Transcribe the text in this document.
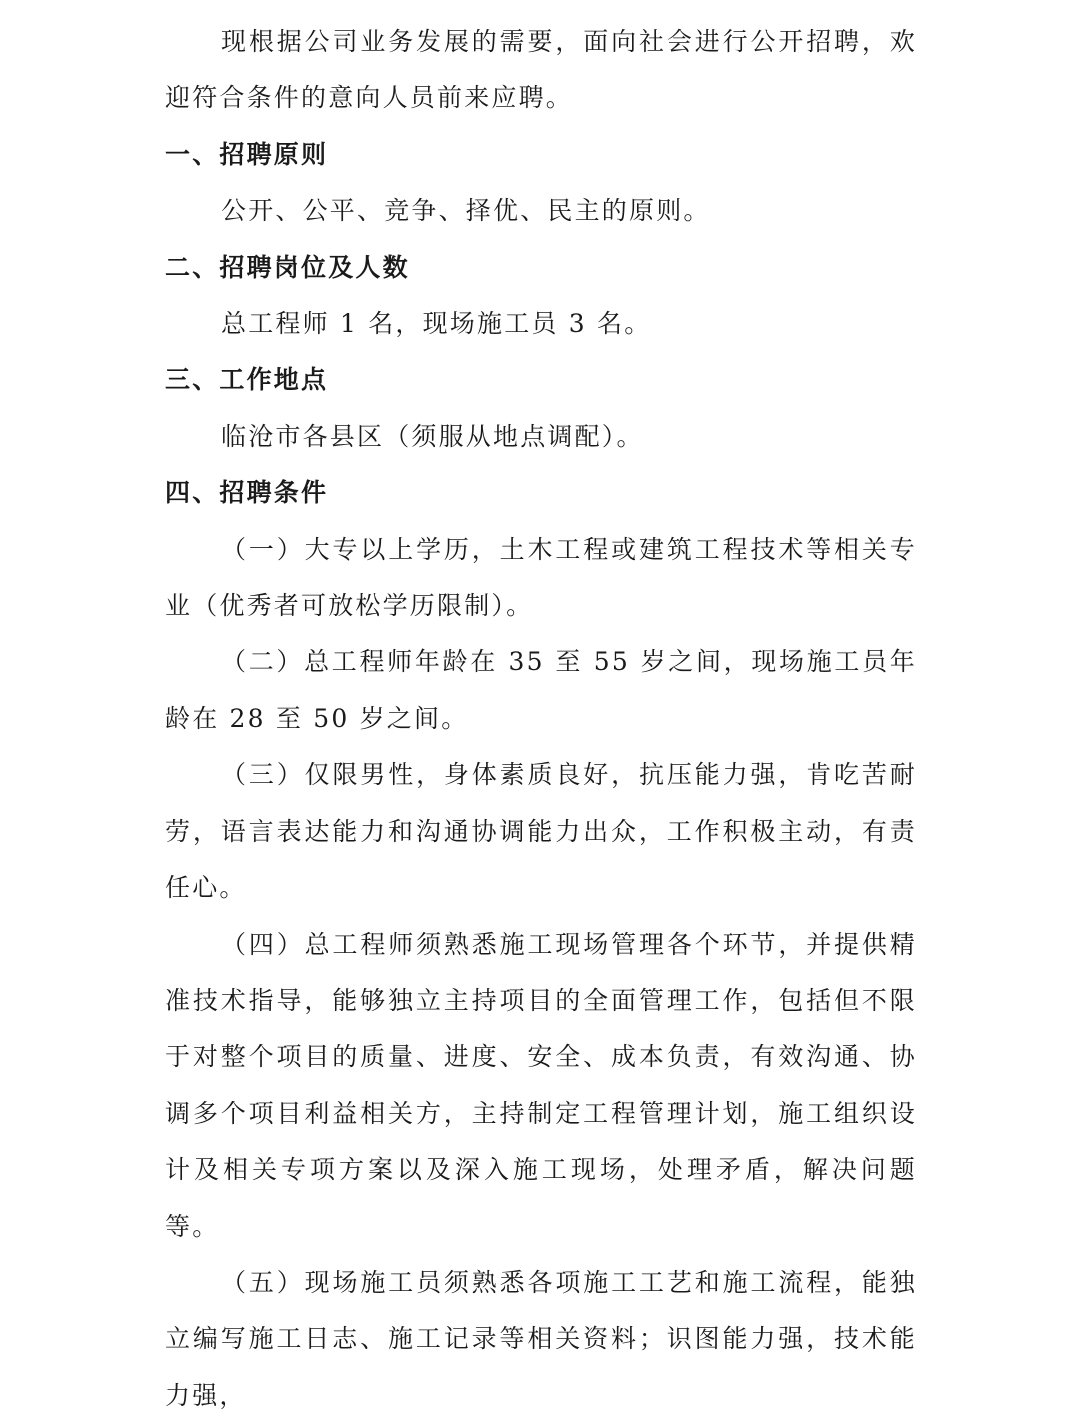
现根据公司业务发展的需要，面向社会进行公开招聘，欢迎符合条件的意向人员前来应聘。

一、招聘原则

公开、公平、竞争、择优、民主的原则。

二、招聘岗位及人数

总工程师 1 名，现场施工员 3 名。

三、工作地点

临沧市各县区（须服从地点调配）。

四、招聘条件

（一）大专以上学历，土木工程或建筑工程技术等相关专业（优秀者可放松学历限制）。

（二）总工程师年龄在 35 至 55 岁之间，现场施工员年龄在 28 至 50 岁之间。

（三）仅限男性，身体素质良好，抗压能力强，肯吃苦耐劳，语言表达能力和沟通协调能力出众，工作积极主动，有责任心。

（四）总工程师须熟悉施工现场管理各个环节，并提供精准技术指导，能够独立主持项目的全面管理工作，包括但不限于对整个项目的质量、进度、安全、成本负责，有效沟通、协调多个项目利益相关方，主持制定工程管理计划，施工组织设计及相关专项方案以及深入施工现场，处理矛盾，解决问题等。

（五）现场施工员须熟悉各项施工工艺和施工流程，能独立编写施工日志、施工记录等相关资料；识图能力强，技术能力强，
